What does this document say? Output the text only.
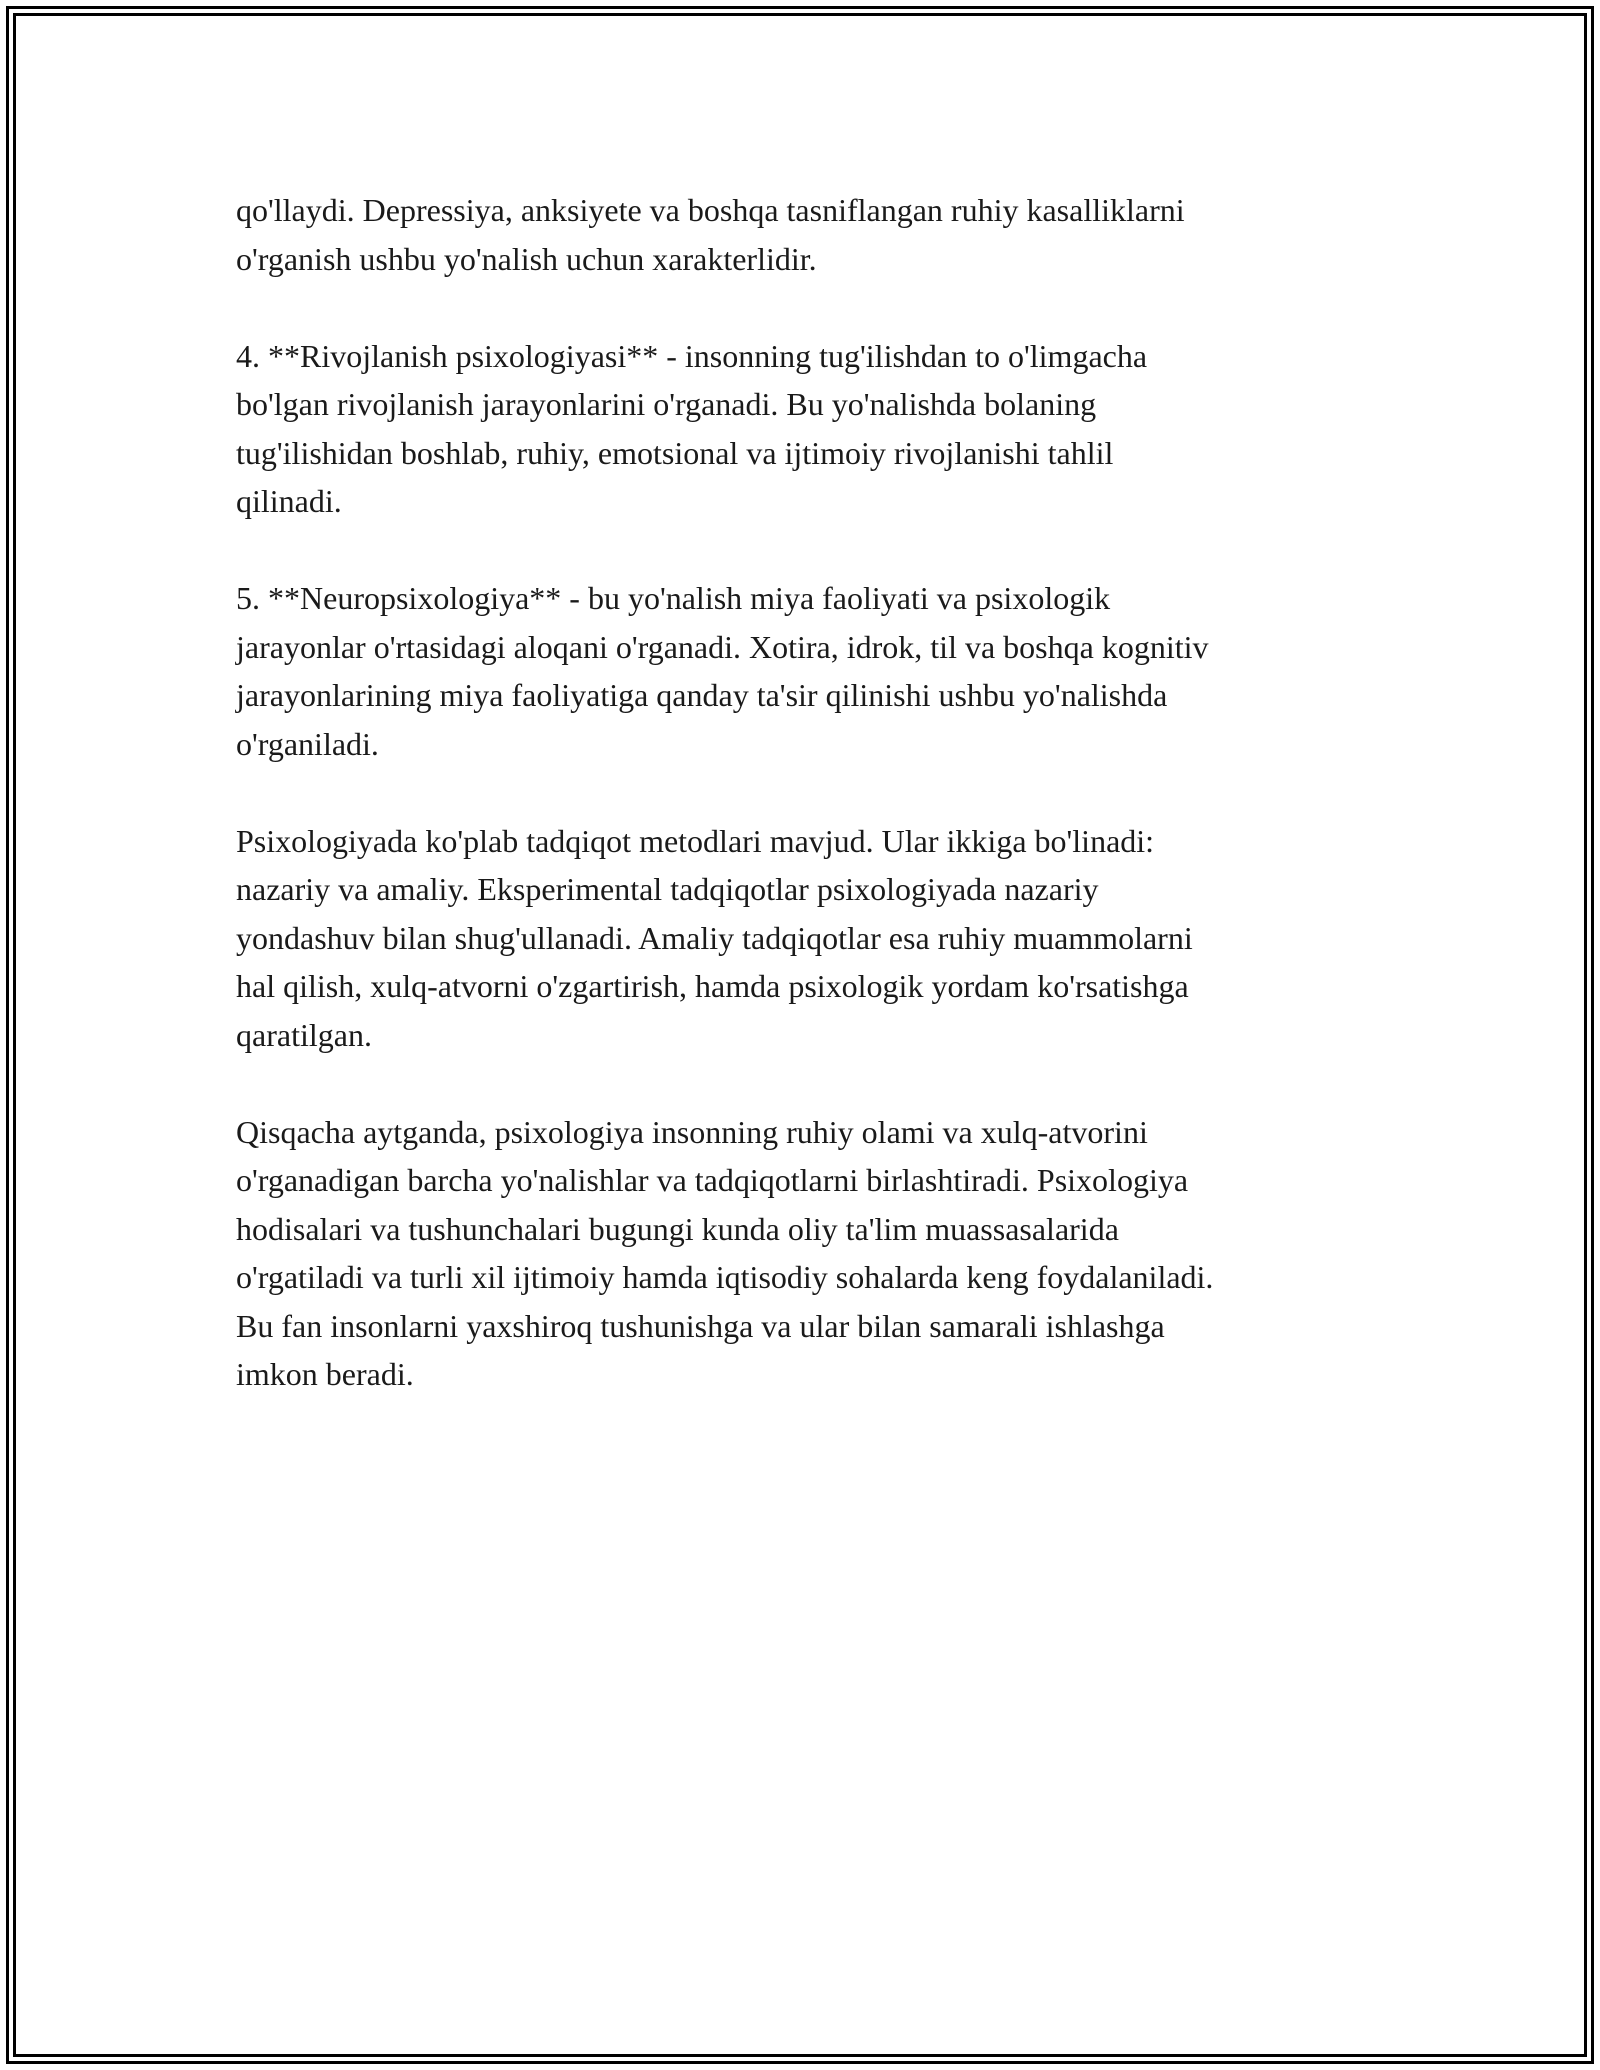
qo'llaydi. Depressiya, anksiyete va boshqa tasniflangan ruhiy kasalliklarni
o'rganish ushbu yo'nalish uchun xarakterlidir.

4. **Rivojlanish psixologiyasi** - insonning tug'ilishdan to o'limgacha
bo'lgan rivojlanish jarayonlarini o'rganadi. Bu yo'nalishda bolaning
tug'ilishidan boshlab, ruhiy, emotsional va ijtimoiy rivojlanishi tahlil
qilinadi.

5. **Neuropsixologiya** - bu yo'nalish miya faoliyati va psixologik
jarayonlar o'rtasidagi aloqani o'rganadi. Xotira, idrok, til va boshqa kognitiv
jarayonlarining miya faoliyatiga qanday ta'sir qilinishi ushbu yo'nalishda
o'rganiladi.

Psixologiyada ko'plab tadqiqot metodlari mavjud. Ular ikkiga bo'linadi:
nazariy va amaliy. Eksperimental tadqiqotlar psixologiyada nazariy
yondashuv bilan shug'ullanadi. Amaliy tadqiqotlar esa ruhiy muammolarni
hal qilish, xulq-atvorni o'zgartirish, hamda psixologik yordam ko'rsatishga
qaratilgan.

Qisqacha aytganda, psixologiya insonning ruhiy olami va xulq-atvorini
o'rganadigan barcha yo'nalishlar va tadqiqotlarni birlashtiradi. Psixologiya
hodisalari va tushunchalari bugungi kunda oliy ta'lim muassasalarida
o'rgatiladi va turli xil ijtimoiy hamda iqtisodiy sohalarda keng foydalaniladi.
Bu fan insonlarni yaxshiroq tushunishga va ular bilan samarali ishlashga
imkon beradi.
